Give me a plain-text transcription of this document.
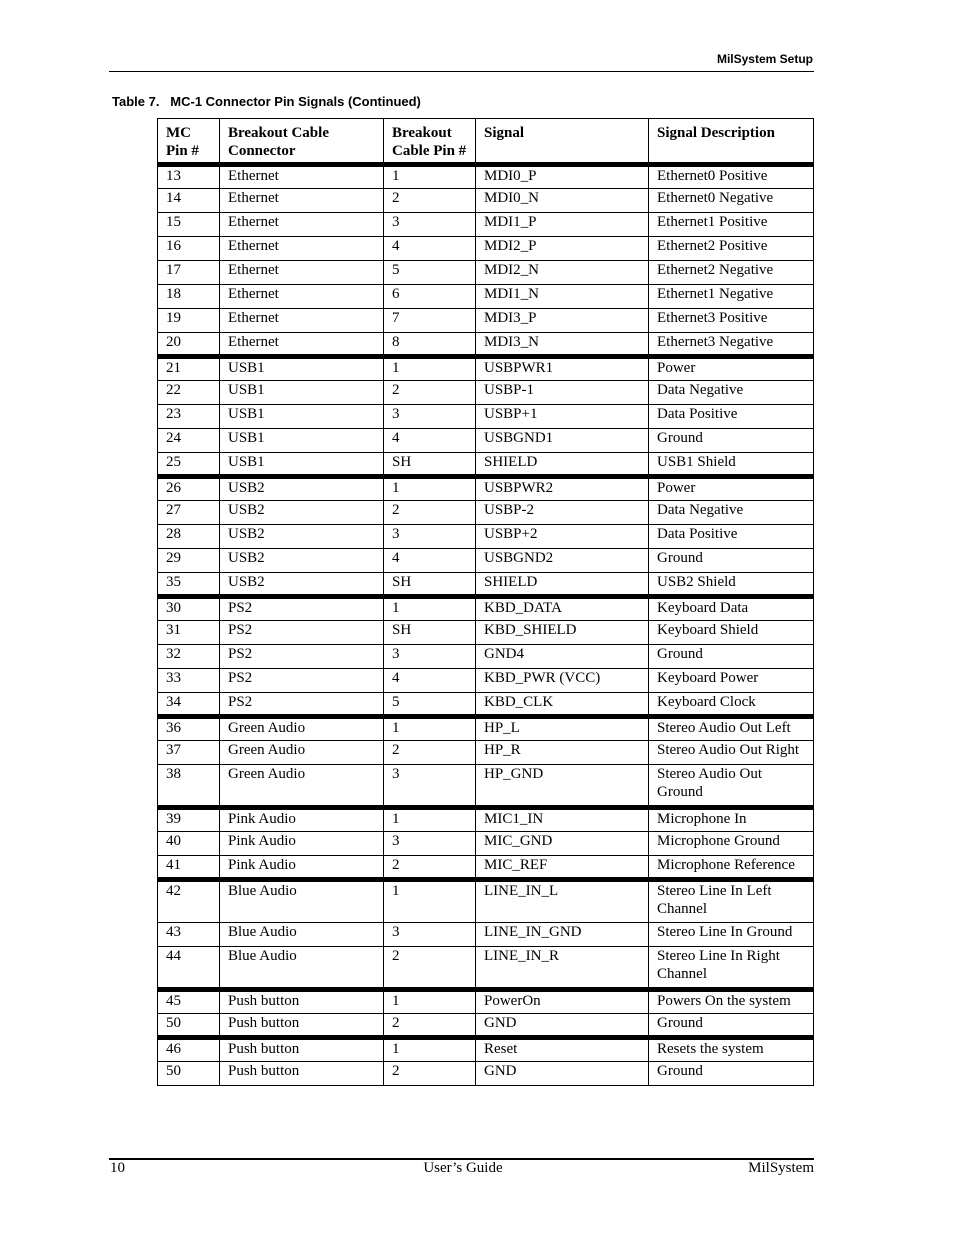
MilSystem Setup
Table 7.   MC-1 Connector Pin Signals (Continued)
MC
Pin #	Breakout Cable Connector	Breakout Cable Pin #	Signal	Signal Description
13	Ethernet	1	MDI0_P	Ethernet0 Positive
14	Ethernet	2	MDI0_N	Ethernet0 Negative
15	Ethernet	3	MDI1_P	Ethernet1 Positive
16	Ethernet	4	MDI2_P	Ethernet2 Positive
17	Ethernet	5	MDI2_N	Ethernet2 Negative
18	Ethernet	6	MDI1_N	Ethernet1 Negative
19	Ethernet	7	MDI3_P	Ethernet3 Positive
20	Ethernet	8	MDI3_N	Ethernet3 Negative
21	USB1	1	USBPWR1	Power
22	USB1	2	USBP-1	Data Negative
23	USB1	3	USBP+1	Data Positive
24	USB1	4	USBGND1	Ground
25	USB1	SH	SHIELD	USB1 Shield
26	USB2	1	USBPWR2	Power
27	USB2	2	USBP-2	Data Negative
28	USB2	3	USBP+2	Data Positive
29	USB2	4	USBGND2	Ground
35	USB2	SH	SHIELD	USB2 Shield
30	PS2	1	KBD_DATA	Keyboard Data
31	PS2	SH	KBD_SHIELD	Keyboard Shield
32	PS2	3	GND4	Ground
33	PS2	4	KBD_PWR (VCC)	Keyboard Power
34	PS2	5	KBD_CLK	Keyboard Clock
36	Green Audio	1	HP_L	Stereo Audio Out Left
37	Green Audio	2	HP_R	Stereo Audio Out Right
38	Green Audio	3	HP_GND	Stereo Audio Out Ground
39	Pink Audio	1	MIC1_IN	Microphone In
40	Pink Audio	3	MIC_GND	Microphone Ground
41	Pink Audio	2	MIC_REF	Microphone Reference
42	Blue Audio	1	LINE_IN_L	Stereo Line In Left Channel
43	Blue Audio	3	LINE_IN_GND	Stereo Line In Ground
44	Blue Audio	2	LINE_IN_R	Stereo Line In Right Channel
45	Push button	1	PowerOn	Powers On the system
50	Push button	2	GND	Ground
46	Push button	1	Reset	Resets the system
50	Push button	2	GND	Ground
10	User’s Guide	MilSystem
